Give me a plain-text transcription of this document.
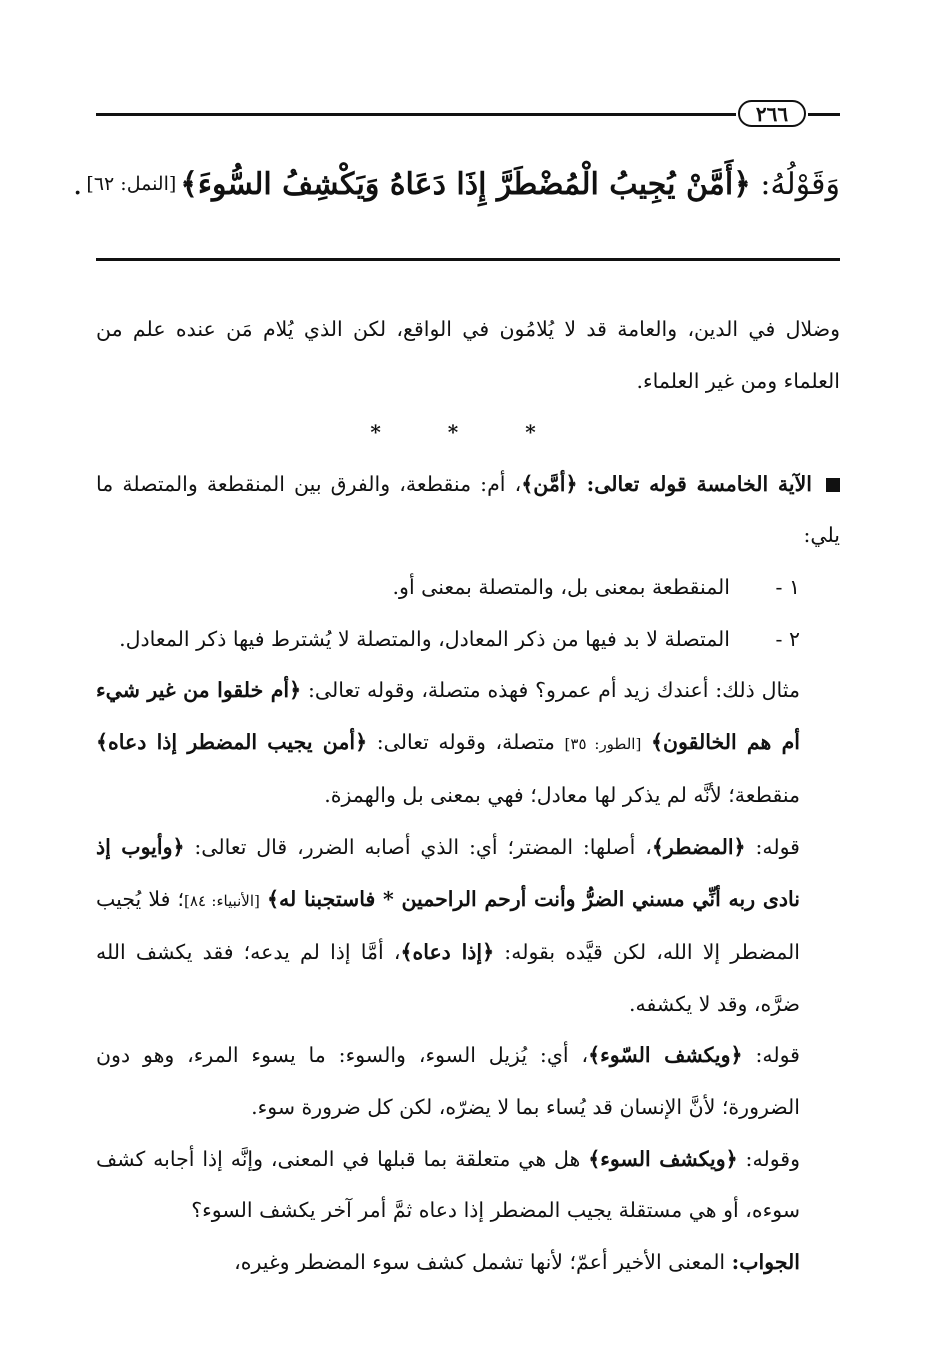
٢٦٦
وَقَوْلُهُ:

﴿أَمَّنْ يُجِيبُ الْمُضْطَرَّ إِذَا دَعَاهُ وَيَكْشِفُ السُّوءَ﴾
[النمل: ٦٢]
.

وضلال في الدين، والعامة قد لا يُلامُون في الواقع، لكن الذي يُلام مَن عنده علم من العلماء ومن غير العلماء.

* * *

الآية الخامسة قوله تعالى: ﴿أمَّن﴾، أم: منقطعة، والفرق بين المنقطعة والمتصلة ما يلي:

١ -المنقطعة بمعنى بل، والمتصلة بمعنى أو.

٢ -المتصلة لا بد فيها من ذكر المعادل، والمتصلة لا يُشترط فيها ذكر المعادل.

مثال ذلك: أعندك زيد أم عمرو؟ فهذه متصلة، وقوله تعالى: ﴿أم خلقوا من غير شيء أم هم الخالقون﴾ [الطور: ٣٥] متصلة، وقوله تعالى: ﴿أمن يجيب المضطر إذا دعاه﴾ منقطعة؛ لأنَّه لم يذكر لها معادل؛ فهي بمعنى بل والهمزة.

قوله: ﴿المضطر﴾، أصلها: المضتر؛ أي: الذي أصابه الضرر، قال تعالى: ﴿وأيوب إذ نادى ربه أنِّي مسني الضرُّ وأنت أرحم الراحمين * فاستجبنا له﴾ [الأنبياء: ٨٤]؛ فلا يُجيب المضطر إلا الله، لكن قيَّده بقوله: ﴿إذا دعاه﴾، أمَّا إذا لم يدعه؛ فقد يكشف الله ضرَّه، وقد لا يكشفه.

قوله: ﴿ويكشف السّوء﴾، أي: يُزيل السوء، والسوء: ما يسوء المرء، وهو دون الضرورة؛ لأنَّ الإنسان قد يُساء بما لا يضرّه، لكن كل ضرورة سوء.

وقوله: ﴿ويكشف السوء﴾ هل هي متعلقة بما قبلها في المعنى، وإنَّه إذا أجابه كشف سوءه، أو هي مستقلة يجيب المضطر إذا دعاه ثمَّ أمر آخر يكشف السوء؟

الجواب: المعنى الأخير أعمّ؛ لأنها تشمل كشف سوء المضطر وغيره،
